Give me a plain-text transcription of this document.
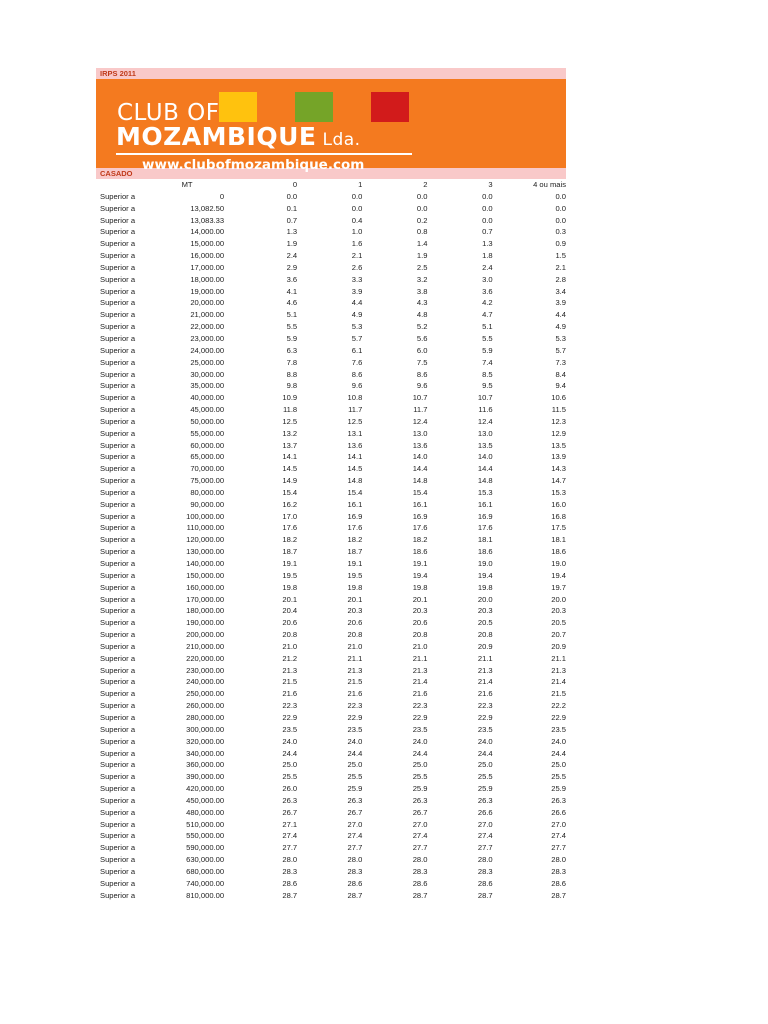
IRPS 2011
CLUB OF
MOZAMBIQUE Lda.
www.clubofmozambique.com
CASADO
	MT	0	1	2	3	4 ou mais
Superior a	0	0.0	0.0	0.0	0.0	0.0
Superior a	13,082.50	0.1	0.0	0.0	0.0	0.0
Superior a	13,083.33	0.7	0.4	0.2	0.0	0.0
Superior a	14,000.00	1.3	1.0	0.8	0.7	0.3
Superior a	15,000.00	1.9	1.6	1.4	1.3	0.9
Superior a	16,000.00	2.4	2.1	1.9	1.8	1.5
Superior a	17,000.00	2.9	2.6	2.5	2.4	2.1
Superior a	18,000.00	3.6	3.3	3.2	3.0	2.8
Superior a	19,000.00	4.1	3.9	3.8	3.6	3.4
Superior a	20,000.00	4.6	4.4	4.3	4.2	3.9
Superior a	21,000.00	5.1	4.9	4.8	4.7	4.4
Superior a	22,000.00	5.5	5.3	5.2	5.1	4.9
Superior a	23,000.00	5.9	5.7	5.6	5.5	5.3
Superior a	24,000.00	6.3	6.1	6.0	5.9	5.7
Superior a	25,000.00	7.8	7.6	7.5	7.4	7.3
Superior a	30,000.00	8.8	8.6	8.6	8.5	8.4
Superior a	35,000.00	9.8	9.6	9.6	9.5	9.4
Superior a	40,000.00	10.9	10.8	10.7	10.7	10.6
Superior a	45,000.00	11.8	11.7	11.7	11.6	11.5
Superior a	50,000.00	12.5	12.5	12.4	12.4	12.3
Superior a	55,000.00	13.2	13.1	13.0	13.0	12.9
Superior a	60,000.00	13.7	13.6	13.6	13.5	13.5
Superior a	65,000.00	14.1	14.1	14.0	14.0	13.9
Superior a	70,000.00	14.5	14.5	14.4	14.4	14.3
Superior a	75,000.00	14.9	14.8	14.8	14.8	14.7
Superior a	80,000.00	15.4	15.4	15.4	15.3	15.3
Superior a	90,000.00	16.2	16.1	16.1	16.1	16.0
Superior a	100,000.00	17.0	16.9	16.9	16.9	16.8
Superior a	110,000.00	17.6	17.6	17.6	17.6	17.5
Superior a	120,000.00	18.2	18.2	18.2	18.1	18.1
Superior a	130,000.00	18.7	18.7	18.6	18.6	18.6
Superior a	140,000.00	19.1	19.1	19.1	19.0	19.0
Superior a	150,000.00	19.5	19.5	19.4	19.4	19.4
Superior a	160,000.00	19.8	19.8	19.8	19.8	19.7
Superior a	170,000.00	20.1	20.1	20.1	20.0	20.0
Superior a	180,000.00	20.4	20.3	20.3	20.3	20.3
Superior a	190,000.00	20.6	20.6	20.6	20.5	20.5
Superior a	200,000.00	20.8	20.8	20.8	20.8	20.7
Superior a	210,000.00	21.0	21.0	21.0	20.9	20.9
Superior a	220,000.00	21.2	21.1	21.1	21.1	21.1
Superior a	230,000.00	21.3	21.3	21.3	21.3	21.3
Superior a	240,000.00	21.5	21.5	21.4	21.4	21.4
Superior a	250,000.00	21.6	21.6	21.6	21.6	21.5
Superior a	260,000.00	22.3	22.3	22.3	22.3	22.2
Superior a	280,000.00	22.9	22.9	22.9	22.9	22.9
Superior a	300,000.00	23.5	23.5	23.5	23.5	23.5
Superior a	320,000.00	24.0	24.0	24.0	24.0	24.0
Superior a	340,000.00	24.4	24.4	24.4	24.4	24.4
Superior a	360,000.00	25.0	25.0	25.0	25.0	25.0
Superior a	390,000.00	25.5	25.5	25.5	25.5	25.5
Superior a	420,000.00	26.0	25.9	25.9	25.9	25.9
Superior a	450,000.00	26.3	26.3	26.3	26.3	26.3
Superior a	480,000.00	26.7	26.7	26.7	26.6	26.6
Superior a	510,000.00	27.1	27.0	27.0	27.0	27.0
Superior a	550,000.00	27.4	27.4	27.4	27.4	27.4
Superior a	590,000.00	27.7	27.7	27.7	27.7	27.7
Superior a	630,000.00	28.0	28.0	28.0	28.0	28.0
Superior a	680,000.00	28.3	28.3	28.3	28.3	28.3
Superior a	740,000.00	28.6	28.6	28.6	28.6	28.6
Superior a	810,000.00	28.7	28.7	28.7	28.7	28.7
